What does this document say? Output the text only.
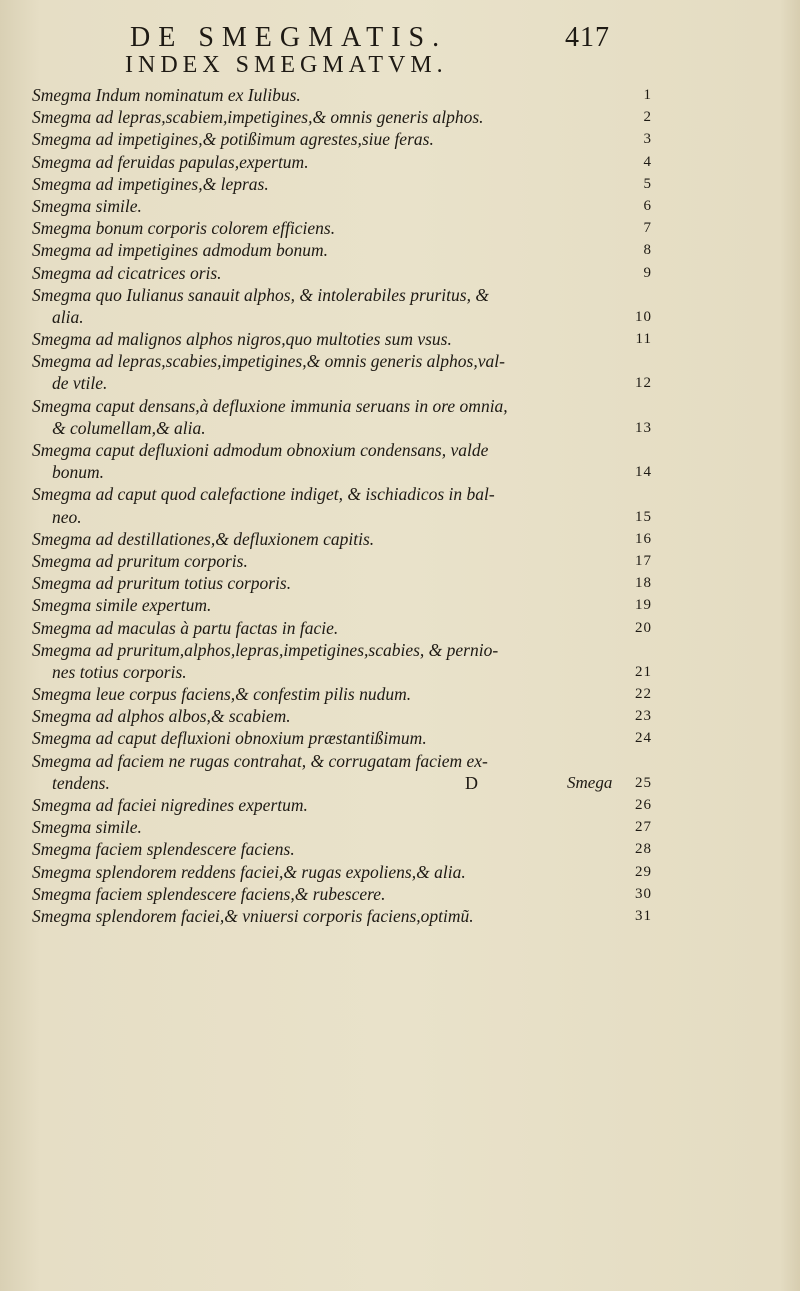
DE SMEGMATIS.	417
INDEX SMEGMATVM.
Smegma Indum nominatum ex Iulibus.	1
Smegma ad lepras,scabiem,impetigines,& omnis generis alphos.	2
Smegma ad impetigines,& potißimum agrestes,siue feras.	3
Smegma ad feruidas papulas,expertum.	4
Smegma ad impetigines,& lepras.	5
Smegma simile.	6
Smegma bonum corporis colorem efficiens.	7
Smegma ad impetigines admodum bonum.	8
Smegma ad cicatrices oris.	9
Smegma quo Iulianus sanauit alphos, & intolerabiles pruritus, &
alia.	10
Smegma ad malignos alphos nigros,quo multoties sum vsus.	11
Smegma ad lepras,scabies,impetigines,& omnis generis alphos,val-
de vtile.	12
Smegma caput densans,à defluxione immunia seruans in ore omnia,
& columellam,& alia.	13
Smegma caput defluxioni admodum obnoxium condensans, valde
bonum.	14
Smegma ad caput quod calefactione indiget, & ischiadicos in bal-
neo.	15
Smegma ad destillationes,& defluxionem capitis.	16
Smegma ad pruritum corporis.	17
Smegma ad pruritum totius corporis.	18
Smegma simile expertum.	19
Smegma ad maculas à partu factas in facie.	20
Smegma ad pruritum,alphos,lepras,impetigines,scabies, & pernio-
nes totius corporis.	21
Smegma leue corpus faciens,& confestim pilis nudum.	22
Smegma ad alphos albos,& scabiem.	23
Smegma ad caput defluxioni obnoxium præstantißimum.	24
Smegma ad faciem ne rugas contrahat, & corrugatam faciem ex-
tendens.	25
Smegma ad faciei nigredines expertum.	26
Smegma simile.	27
Smegma faciem splendescere faciens.	28
Smegma splendorem reddens faciei,& rugas expoliens,& alia.	29
Smegma faciem splendescere faciens,& rubescere.	30
Smegma splendorem faciei,& vniuersi corporis faciens,optimũ.	31
D	Smega
